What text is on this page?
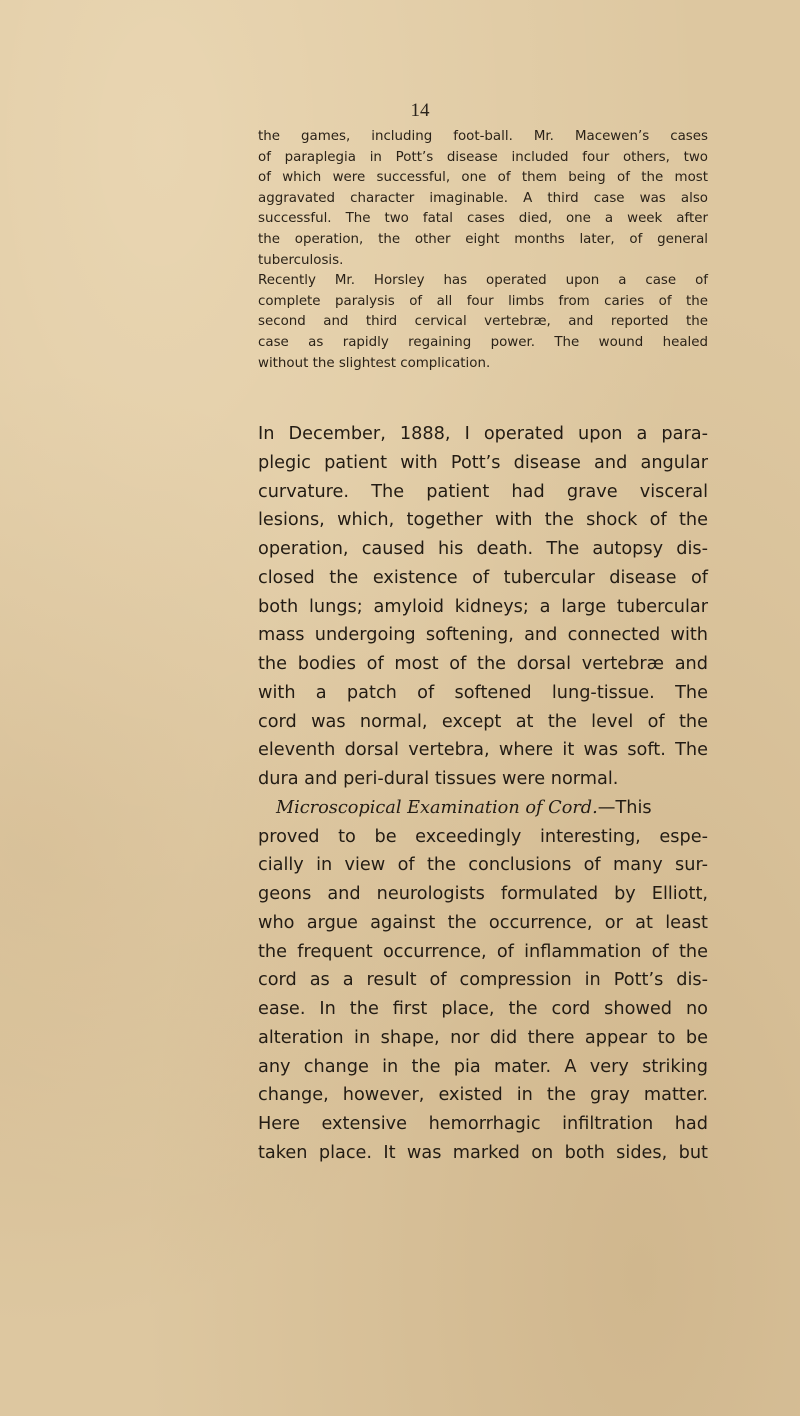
14
the games, including foot-ball. Mr. Macewen’s cases
of paraplegia in Pott’s disease included four others, two
of which were successful, one of them being of the most
aggravated character imaginable. A third case was also
successful. The two fatal cases died, one a week after
the operation, the other eight months later, of general
tuberculosis.
Recently Mr. Horsley has operated upon a case of
complete paralysis of all four limbs from caries of the
second and third cervical vertebræ, and reported the
case as rapidly regaining power. The wound healed
without the slightest complication.
In December, 1888, I operated upon a para-
plegic patient with Pott’s disease and angular
curvature. The patient had grave visceral
lesions, which, together with the shock of the
operation, caused his death. The autopsy dis-
closed the existence of tubercular disease of
both lungs; amyloid kidneys; a large tubercular
mass undergoing softening, and connected with
the bodies of most of the dorsal vertebræ and
with a patch of softened lung-tissue. The
cord was normal, except at the level of the
eleventh dorsal vertebra, where it was soft. The
dura and peri-dural tissues were normal.
Microscopical Examination of Cord.—This
proved to be exceedingly interesting, espe-
cially in view of the conclusions of many sur-
geons and neurologists formulated by Elliott,
who argue against the occurrence, or at least
the frequent occurrence, of inflammation of the
cord as a result of compression in Pott’s dis-
ease. In the first place, the cord showed no
alteration in shape, nor did there appear to be
any change in the pia mater. A very striking
change, however, existed in the gray matter.
Here extensive hemorrhagic infiltration had
taken place. It was marked on both sides, but
